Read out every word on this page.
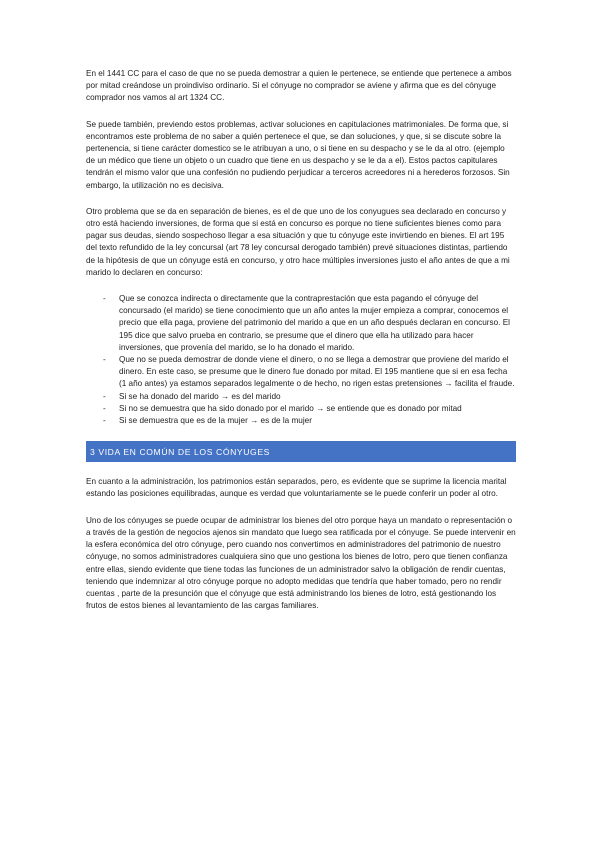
En el 1441 CC para el caso de que no se pueda demostrar a quien le pertenece, se entiende que pertenece a ambos por mitad creándose un proindiviso ordinario. Si el cónyuge no comprador se aviene y afirma que es del cónyuge comprador nos vamos al art 1324 CC.

Se puede también, previendo estos problemas, activar soluciones en capitulaciones matrimoniales. De forma que, si encontramos este problema de no saber a quién pertenece el que, se dan soluciones, y que, si se discute sobre la pertenencia, si tiene carácter domestico se le atribuyan a uno, o si tiene en su despacho y se le da al otro. (ejemplo de un médico que tiene un objeto o un cuadro que tiene en us despacho y se le da a el). Estos pactos capitulares tendrán el mismo valor que una confesión no pudiendo perjudicar a terceros acreedores ni a herederos forzosos. Sin embargo, la utilización no es decisiva.

Otro problema que se da en separación de bienes, es el de que uno de los conyugues sea declarado en concurso y otro está haciendo inversiones, de forma que si está en concurso es porque no tiene suficientes bienes como para pagar sus deudas, siendo sospechoso llegar a esa situación y que tu cónyuge este invirtiendo en bienes. El art 195 del texto refundido de la ley concursal (art 78 ley concursal derogado también) prevé situaciones distintas, partiendo de la hipótesis de que un cónyuge está en concurso, y otro hace múltiples inversiones justo el año antes de que a mi marido lo declaren en concurso:

- Que se conozca indirecta o directamente que la contraprestación que esta pagando el cónyuge del concursado (el marido) se tiene conocimiento que un año antes la mujer empieza a comprar, conocemos el precio que ella paga, proviene del patrimonio del marido a que en un año después declaran en concurso. El 195 dice que salvo prueba en contrario, se presume que el dinero que ella ha utilizado para hacer inversiones, que provenía del marido, se lo ha donado el marido.
- Que no se pueda demostrar de donde viene el dinero, o no se llega a demostrar que proviene del marido el dinero. En este caso, se presume que le dinero fue donado por mitad. El 195 mantiene que si en esa fecha (1 año antes) ya estamos separados legalmente o de hecho, no rigen estas pretensiones → facilita el fraude.
- Si se ha donado del marido → es del marido
- Si no se demuestra que ha sido donado por el marido → se entiende que es donado por mitad
- Si se demuestra que es de la mujer → es de la mujer
3 VIDA EN COMÚN DE LOS CÓNYUGES

En cuanto a la administración, los patrimonios están separados, pero, es evidente que se suprime la licencia marital estando las posiciones equilibradas, aunque es verdad que voluntariamente se le puede conferir un poder al otro.

Uno de los cónyuges se puede ocupar de administrar los bienes del otro porque haya un mandato o representación o a través de la gestión de negocios ajenos sin mandato que luego sea ratificada por el cónyuge. Se puede intervenir en la esfera económica del otro cónyuge, pero cuando nos convertimos en administradores del patrimonio de nuestro cónyuge, no somos administradores cualquiera sino que uno gestiona los bienes de lotro, pero que tienen confianza entre ellas, siendo evidente que tiene todas las funciones de un administrador salvo la obligación de rendir cuentas, teniendo que indemnizar al otro cónyuge porque no adopto medidas que tendría que haber tomado, pero no rendir cuentas , parte de la presunción que el cónyuge que está administrando los bienes de lotro, está gestionando los frutos de estos bienes al levantamiento de las cargas familiares.
